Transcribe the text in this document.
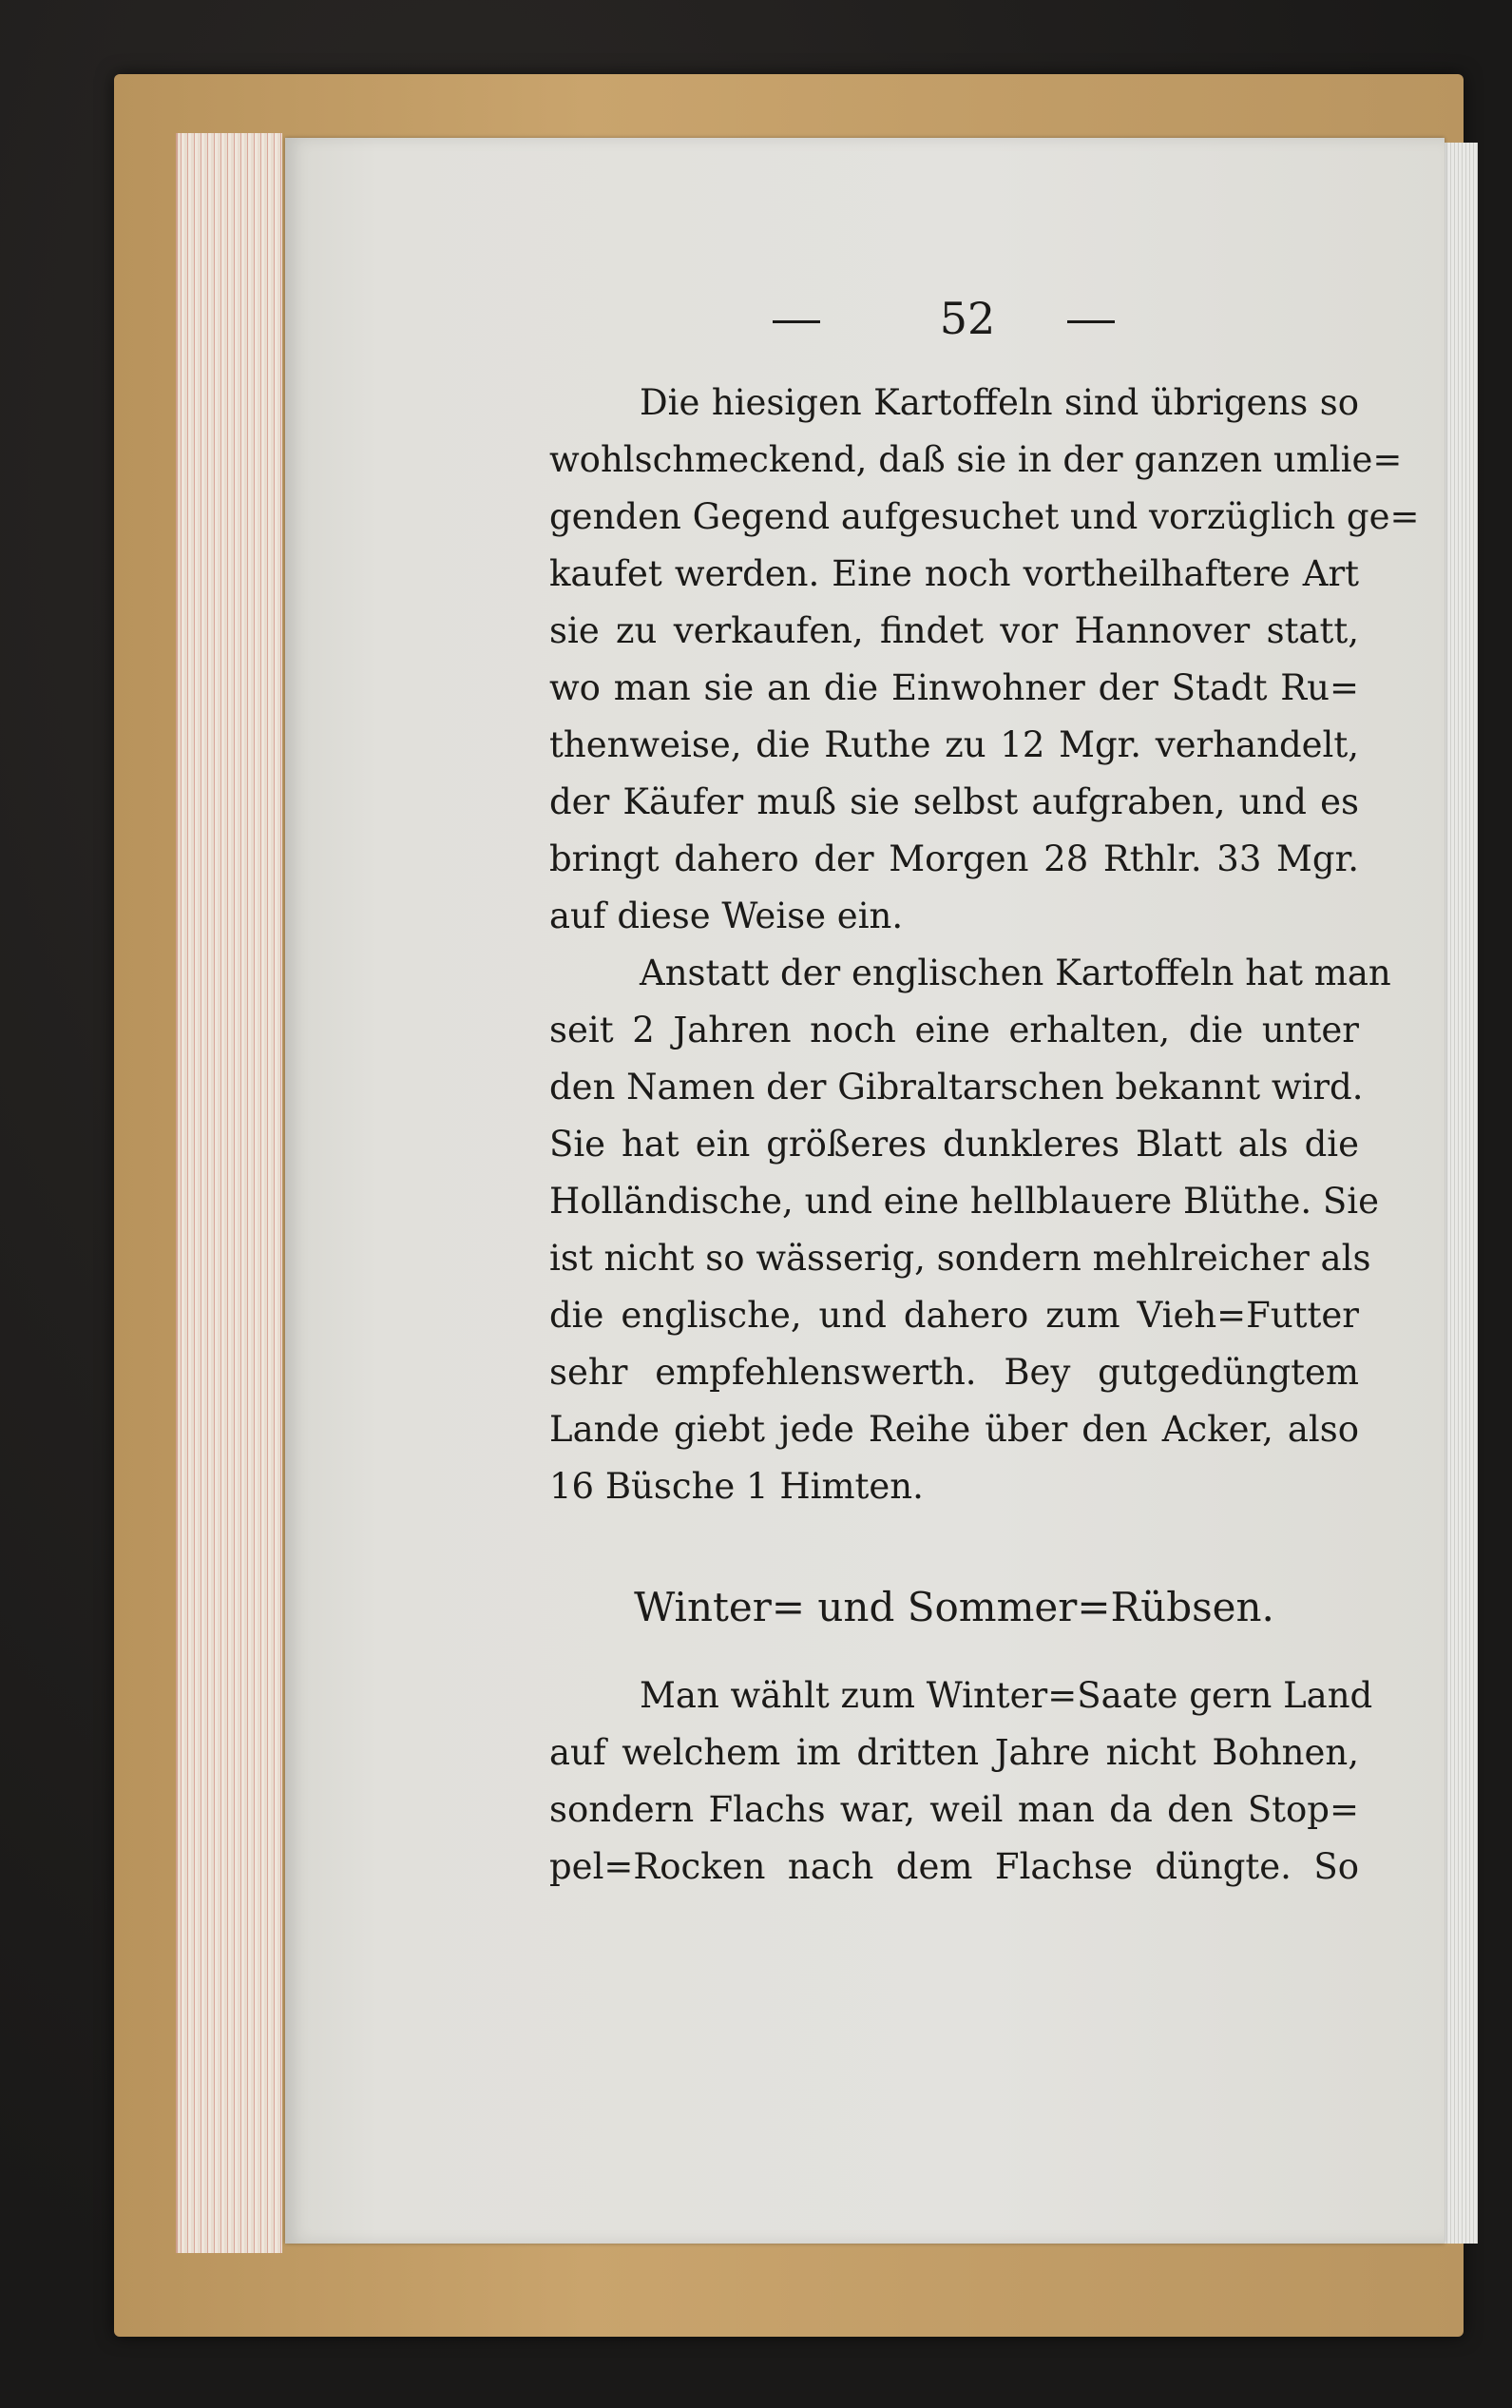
52
Die hiesigen Kartoffeln sind übrigens so
wohlschmeckend, daß sie in der ganzen umlie=
genden Gegend aufgesuchet und vorzüglich ge=
kaufet werden. Eine noch vortheilhaftere Art
sie zu verkaufen, findet vor Hannover statt,
wo man sie an die Einwohner der Stadt Ru=
thenweise, die Ruthe zu 12 Mgr. verhandelt,
der Käufer muß sie selbst aufgraben, und es
bringt dahero der Morgen 28 Rthlr. 33 Mgr.
auf diese Weise ein.
Anstatt der englischen Kartoffeln hat man
seit 2 Jahren noch eine erhalten, die unter
den Namen der Gibraltarschen bekannt wird.
Sie hat ein größeres dunkleres Blatt als die
Holländische, und eine hellblauere Blüthe. Sie
ist nicht so wässerig, sondern mehlreicher als
die englische, und dahero zum Vieh=Futter
sehr empfehlenswerth. Bey gutgedüngtem
Lande giebt jede Reihe über den Acker, also
16 Büsche 1 Himten.
Winter= und Sommer=Rübsen.
Man wählt zum Winter=Saate gern Land
auf welchem im dritten Jahre nicht Bohnen,
sondern Flachs war, weil man da den Stop=
pel=Rocken nach dem Flachse düngte. So
